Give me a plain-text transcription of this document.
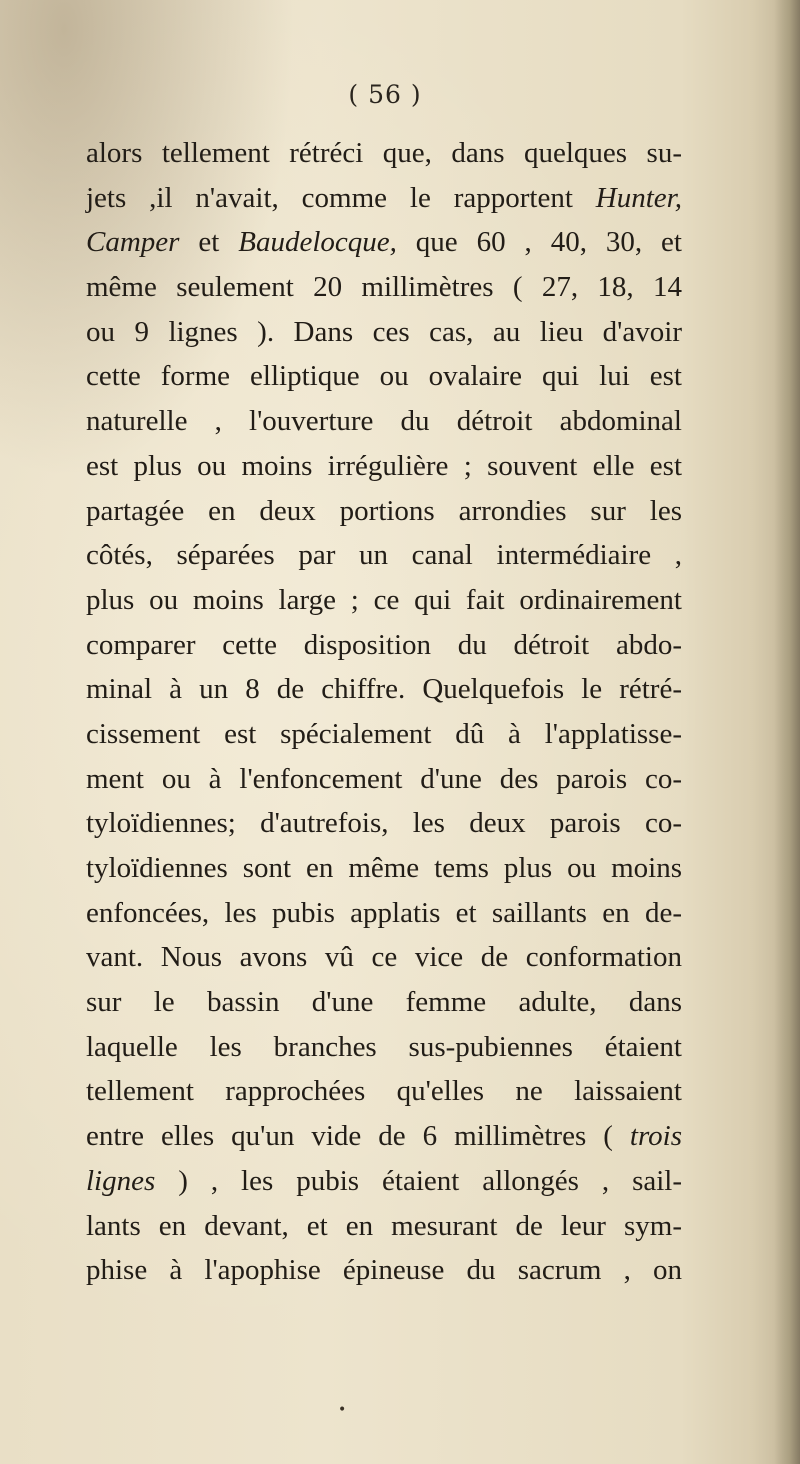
( 56 )
alors tellement rétréci que, dans quelques su-
jets ,il n'avait, comme le rapportent Hunter,
Camper et Baudelocque, que 60 , 40, 30, et
même seulement 20 millimètres ( 27, 18, 14
ou 9 lignes ). Dans ces cas, au lieu d'avoir
cette forme elliptique ou ovalaire qui lui est
naturelle , l'ouverture du détroit abdominal
est plus ou moins irrégulière ; souvent elle est
partagée en deux portions arrondies sur les
côtés, séparées par un canal intermédiaire ,
plus ou moins large ; ce qui fait ordinairement
comparer cette disposition du détroit abdo-
minal à un 8 de chiffre. Quelquefois le rétré-
cissement est spécialement dû à l'applatisse-
ment ou à l'enfoncement d'une des parois co-
tyloïdiennes; d'autrefois, les deux parois co-
tyloïdiennes sont en même tems plus ou moins
enfoncées, les pubis applatis et saillants en de-
vant. Nous avons vû ce vice de conformation
sur le bassin d'une femme adulte, dans
laquelle les branches sus-pubiennes étaient
tellement rapprochées qu'elles ne laissaient
entre elles qu'un vide de 6 millimètres ( trois
lignes ) , les pubis étaient allongés , sail-
lants en devant, et en mesurant de leur sym-
phise à l'apophise épineuse du sacrum , on
•
